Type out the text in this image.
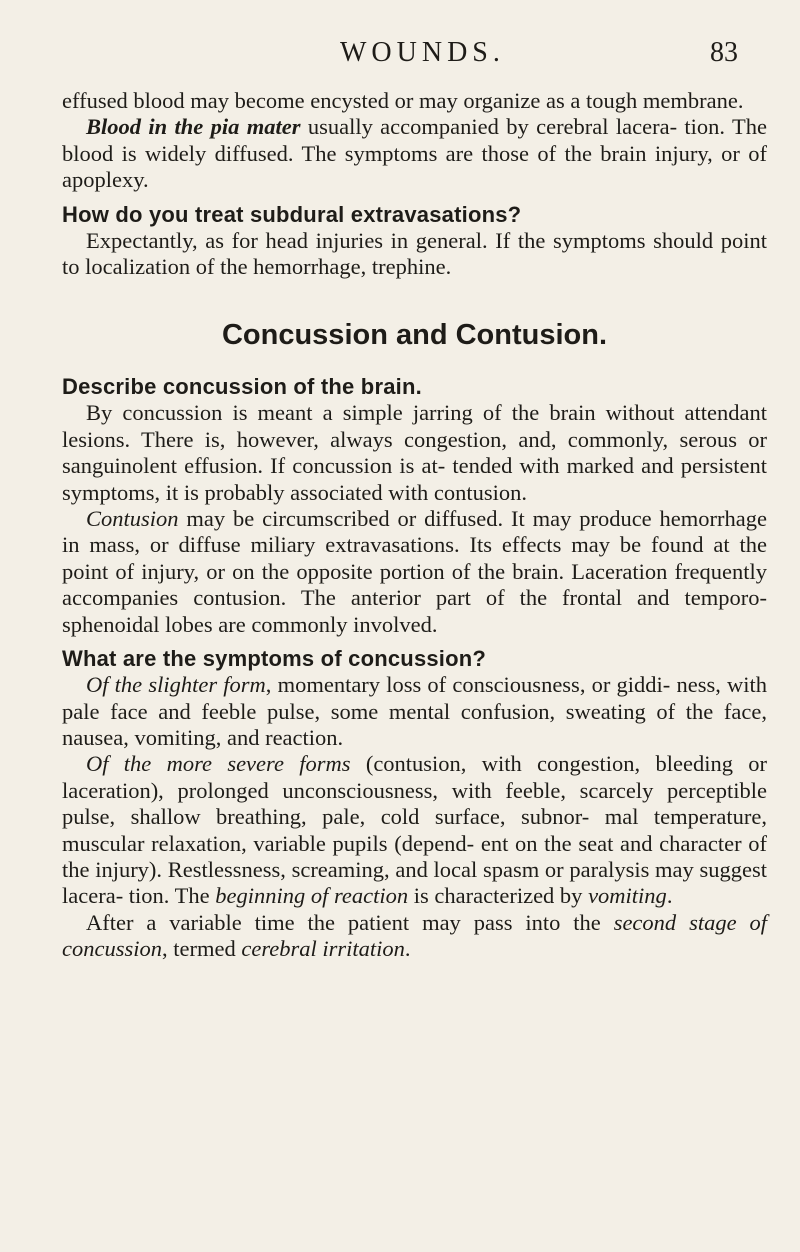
WOUNDS.	83

effused blood may become encysted or may organize as a tough membrane.

Blood in the pia mater usually accompanied by cerebral lacera- tion. The blood is widely diffused. The symptoms are those of the brain injury, or of apoplexy.

How do you treat subdural extravasations?

Expectantly, as for head injuries in general. If the symptoms should point to localization of the hemorrhage, trephine.

Concussion and Contusion.

Describe concussion of the brain.

By concussion is meant a simple jarring of the brain without attendant lesions. There is, however, always congestion, and, commonly, serous or sanguinolent effusion. If concussion is at- tended with marked and persistent symptoms, it is probably associated with contusion.

Contusion may be circumscribed or diffused. It may produce hemorrhage in mass, or diffuse miliary extravasations. Its effects may be found at the point of injury, or on the opposite portion of the brain. Laceration frequently accompanies contusion. The anterior part of the frontal and temporo-sphenoidal lobes are commonly involved.

What are the symptoms of concussion?

Of the slighter form, momentary loss of consciousness, or giddi- ness, with pale face and feeble pulse, some mental confusion, sweating of the face, nausea, vomiting, and reaction.

Of the more severe forms (contusion, with congestion, bleeding or laceration), prolonged unconsciousness, with feeble, scarcely perceptible pulse, shallow breathing, pale, cold surface, subnor- mal temperature, muscular relaxation, variable pupils (depend- ent on the seat and character of the injury). Restlessness, screaming, and local spasm or paralysis may suggest lacera- tion. The beginning of reaction is characterized by vomiting.

After a variable time the patient may pass into the second stage of concussion, termed cerebral irritation.
